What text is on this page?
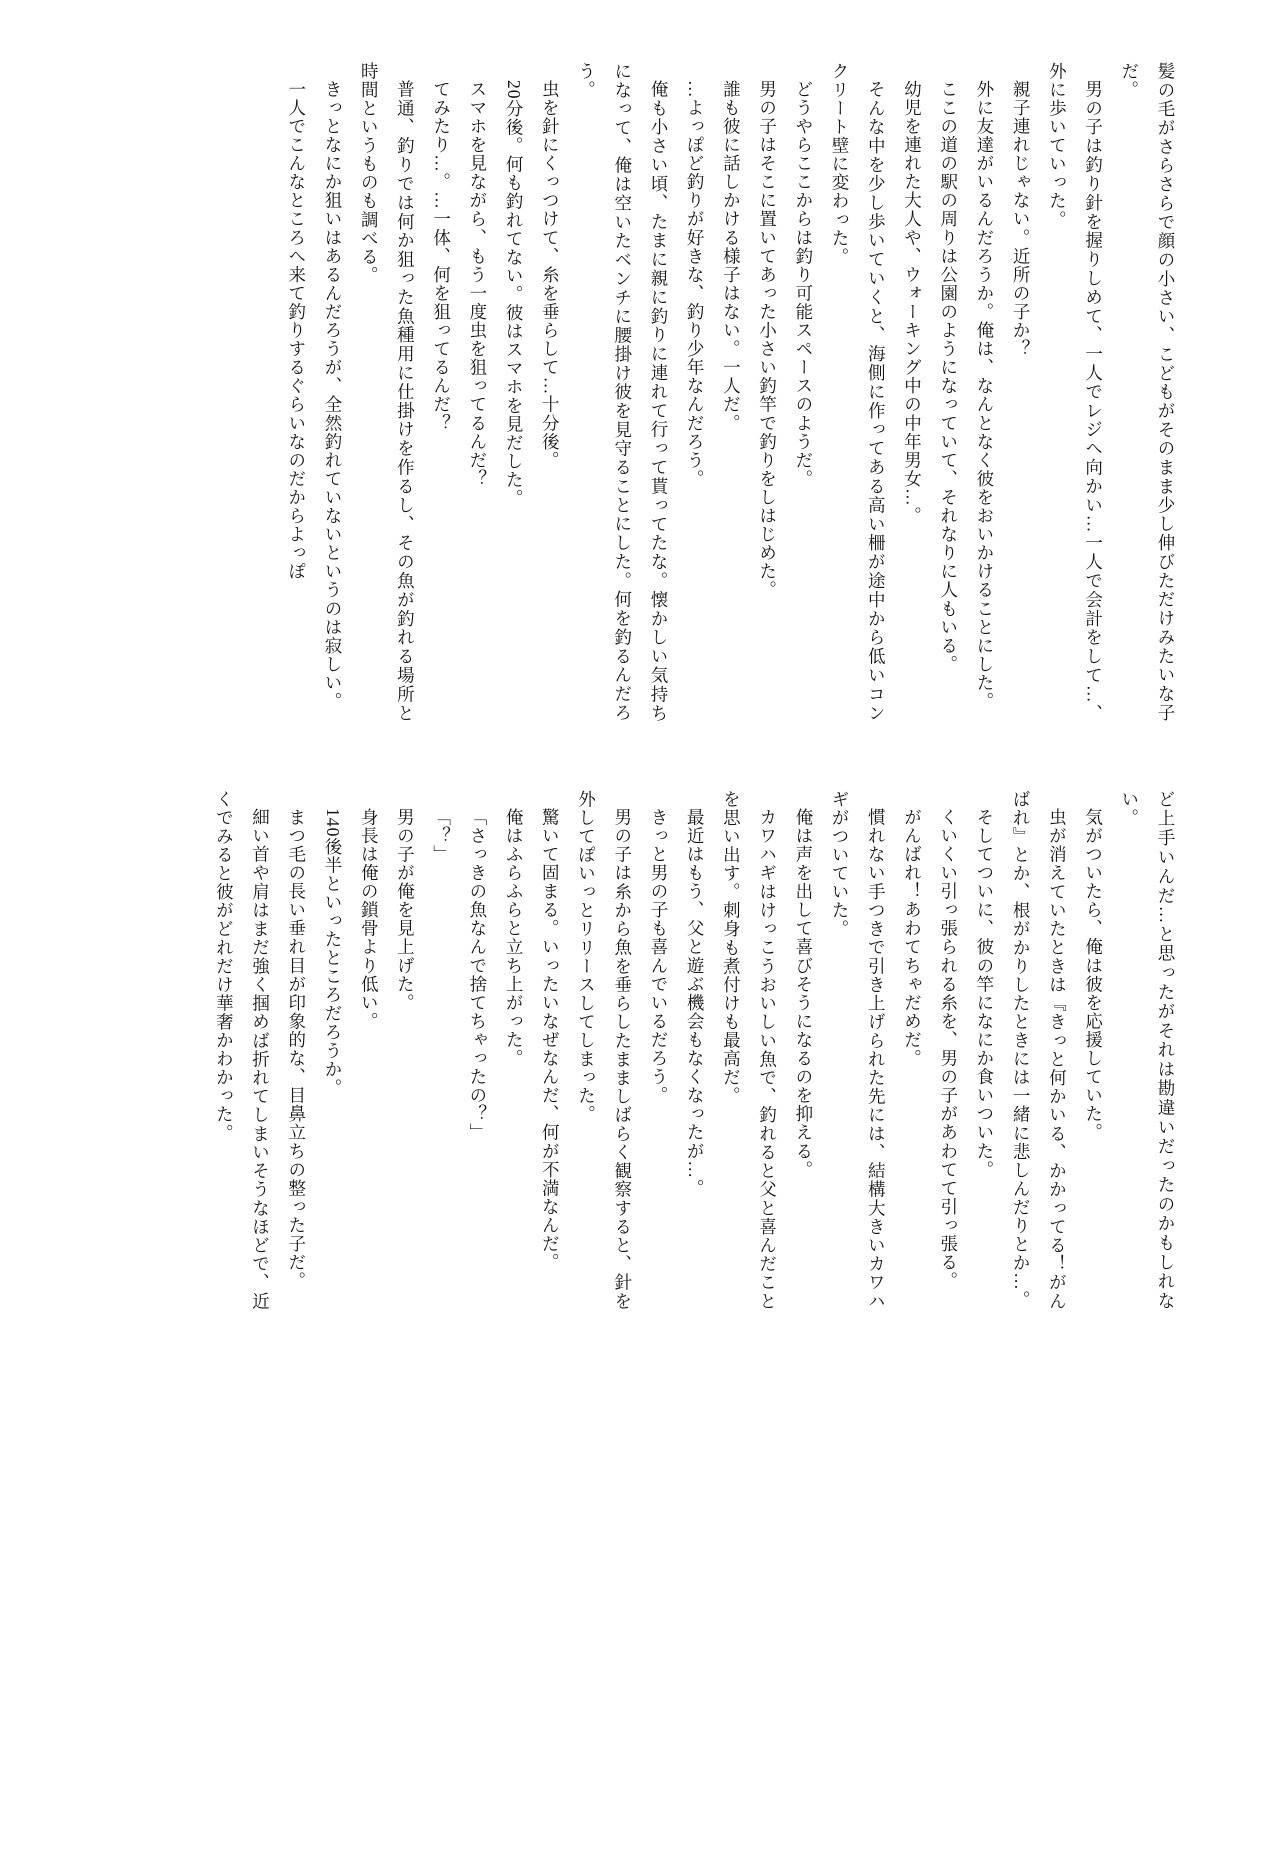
髪の毛がさらさらで顔の小さい、こどもがそのまま少し伸びただけみたいな子だ。

男の子は釣り針を握りしめて、一人でレジへ向かい…一人で会計をして…、外に歩いていった。

親子連れじゃない。近所の子か？

外に友達がいるんだろうか。俺は、なんとなく彼をおいかけることにした。

ここの道の駅の周りは公園のようになっていて、それなりに人もいる。

幼児を連れた大人や、ウォーキング中の中年男女…。

そんな中を少し歩いていくと、海側に作ってある高い柵が途中から低いコンクリート壁に変わった。

どうやらここからは釣り可能スペースのようだ。

男の子はそこに置いてあった小さい釣竿で釣りをしはじめた。

誰も彼に話しかける様子はない。一人だ。

…よっぽど釣りが好きな、釣り少年なんだろう。

俺も小さい頃、たまに親に釣りに連れて行って貰ってたな。懐かしい気持ちになって、俺は空いたベンチに腰掛け彼を見守ることにした。何を釣るんだろう。

虫を針にくっつけて、糸を垂らして…十分後。

20分後。何も釣れてない。彼はスマホを見だした。

スマホを見ながら、もう一度虫を狙ってるんだ？

てみたり…。…一体、何を狙ってるんだ？

普通、釣りでは何か狙った魚種用に仕掛けを作るし、その魚が釣れる場所と時間というものも調べる。

きっとなにか狙いはあるんだろうが、全然釣れていないというのは寂しい。

一人でこんなところへ来て釣りするぐらいなのだからよっぽ

ど上手いんだ…と思ったがそれは勘違いだったのかもしれない。

気がついたら、俺は彼を応援していた。

虫が消えていたときは『きっと何かいる、かかってる！がんばれ』とか、根がかりしたときには一緒に悲しんだりとか…。

そしてついに、彼の竿になにか食いついた。

くいくい引っ張られる糸を、男の子があわてて引っ張る。

がんばれ！あわてちゃだめだ。

慣れない手つきで引き上げられた先には、結構大きいカワハギがついていた。

俺は声を出して喜びそうになるのを抑える。

カワハギはけっこうおいしい魚で、釣れると父と喜んだことを思い出す。刺身も煮付けも最高だ。

最近はもう、父と遊ぶ機会もなくなったが…。

きっと男の子も喜んでいるだろう。

男の子は糸から魚を垂らしたまましばらく観察すると、針を外してぽいっとリリースしてしまった。

驚いて固まる。いったいなぜなんだ、何が不満なんだ。

俺はふらふらと立ち上がった。

「さっきの魚なんで捨てちゃったの？」

「？」

男の子が俺を見上げた。

身長は俺の鎖骨より低い。

140後半といったところだろうか。

まつ毛の長い垂れ目が印象的な、目鼻立ちの整った子だ。

細い首や肩はまだ強く掴めば折れてしまいそうなほどで、近くでみると彼がどれだけ華奢かわかった。
